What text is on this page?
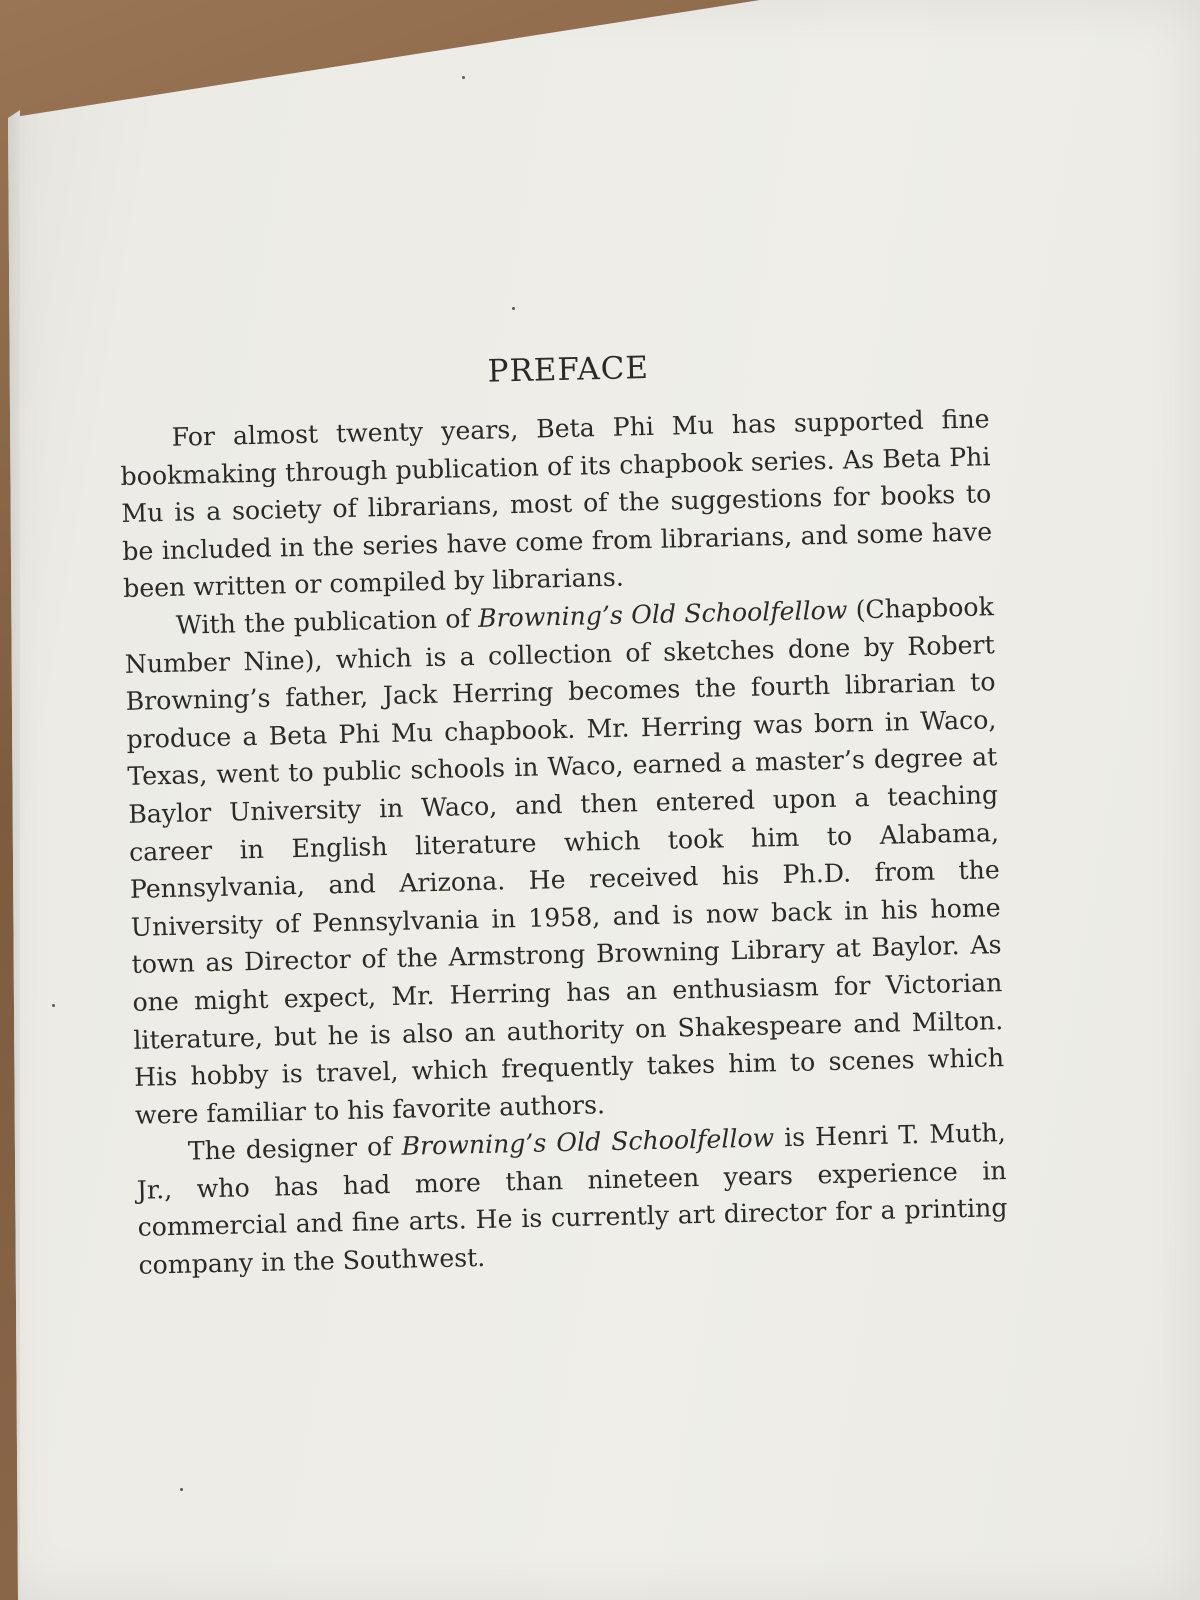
PREFACE

For almost twenty years, Beta Phi Mu has supported fine bookmaking through publication of its chapbook series. As Beta Phi Mu is a society of librarians, most of the suggestions for books to be included in the series have come from librarians, and some have been written or compiled by librarians.

With the publication of Browning’s Old Schoolfellow (Chapbook Number Nine), which is a collection of sketches done by Robert Browning’s father, Jack Herring becomes the fourth librarian to produce a Beta Phi Mu chapbook. Mr. Herring was born in Waco, Texas, went to public schools in Waco, earned a master’s degree at Baylor University in Waco, and then entered upon a teaching career in English literature which took him to Alabama, Pennsylvania, and Arizona. He received his Ph.D. from the University of Pennsylvania in 1958, and is now back in his home town as Director of the Armstrong Browning Library at Baylor. As one might expect, Mr. Herring has an enthusiasm for Victorian literature, but he is also an authority on Shakespeare and Milton. His hobby is travel, which frequently takes him to scenes which were familiar to his favorite authors.

The designer of Browning’s Old Schoolfellow is Henri T. Muth, Jr., who has had more than nineteen years experience in commercial and fine arts. He is currently art director for a printing company in the Southwest.
